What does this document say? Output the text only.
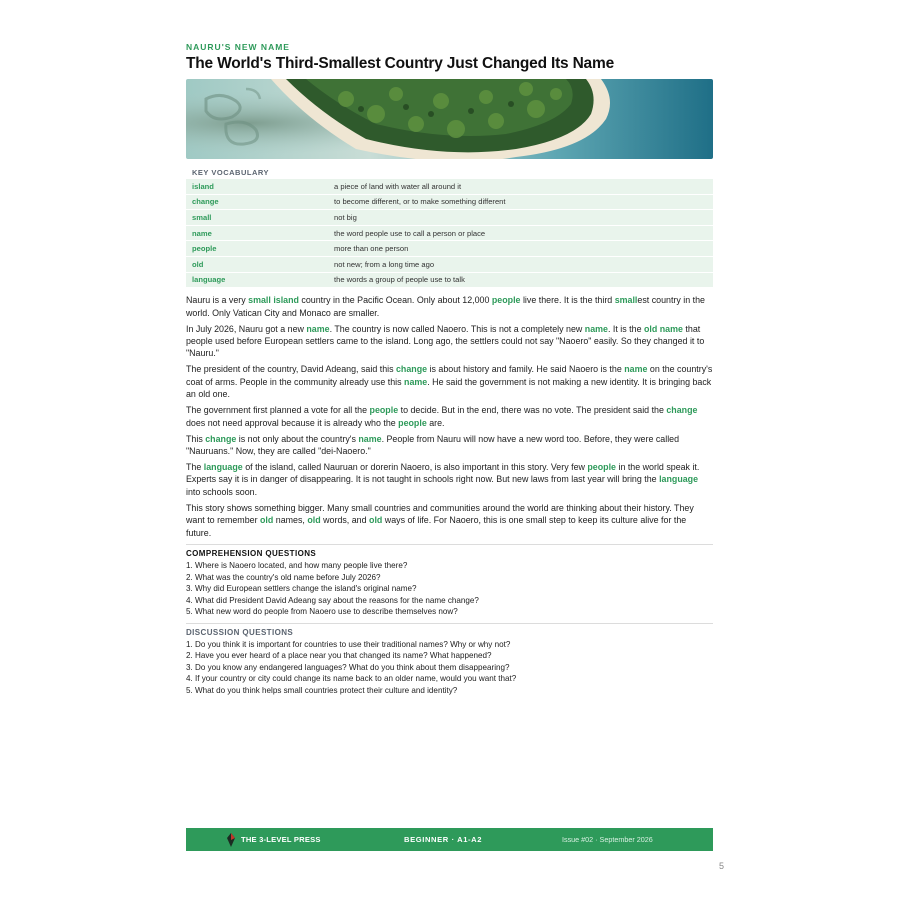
NAURU'S NEW NAME
The World's Third-Smallest Country Just Changed Its Name
KEY VOCABULARY
island	a piece of land with water all around it
change	to become different, or to make something different
small	not big
name	the word people use to call a person or place
people	more than one person
old	not new; from a long time ago
language	the words a group of people use to talk

Nauru is a very small island country in the Pacific Ocean. Only about 12,000 people live there. It is the third smallest country in the world. Only Vatican City and Monaco are smaller.

In July 2026, Nauru got a new name. The country is now called Naoero. This is not a completely new name. It is the old name that people used before European settlers came to the island. Long ago, the settlers could not say "Naoero" easily. So they changed it to "Nauru."

The president of the country, David Adeang, said this change is about history and family. He said Naoero is the name on the country's coat of arms. People in the community already use this name. He said the government is not making a new identity. It is bringing back an old one.

The government first planned a vote for all the people to decide. But in the end, there was no vote. The president said the change does not need approval because it is already who the people are.

This change is not only about the country's name. People from Nauru will now have a new word too. Before, they were called "Nauruans." Now, they are called "dei-Naoero."

The language of the island, called Nauruan or dorerin Naoero, is also important in this story. Very few people in the world speak it. Experts say it is in danger of disappearing. It is not taught in schools right now. But new laws from last year will bring the language into schools soon.

This story shows something bigger. Many small countries and communities around the world are thinking about their history. They want to remember old names, old words, and old ways of life. For Naoero, this is one small step to keep its culture alive for the future.

COMPREHENSION QUESTIONS
1. Where is Naoero located, and how many people live there?
2. What was the country's old name before July 2026?
3. Why did European settlers change the island's original name?
4. What did President David Adeang say about the reasons for the name change?
5. What new word do people from Naoero use to describe themselves now?
DISCUSSION QUESTIONS
1. Do you think it is important for countries to use their traditional names? Why or why not?
2. Have you ever heard of a place near you that changed its name? What happened?
3. Do you know any endangered languages? What do you think about them disappearing?
4. If your country or city could change its name back to an older name, would you want that?
5. What do you think helps small countries protect their culture and identity?
THE 3-LEVEL PRESS	BEGINNER · A1-A2	Issue #02 · September 2026
5
